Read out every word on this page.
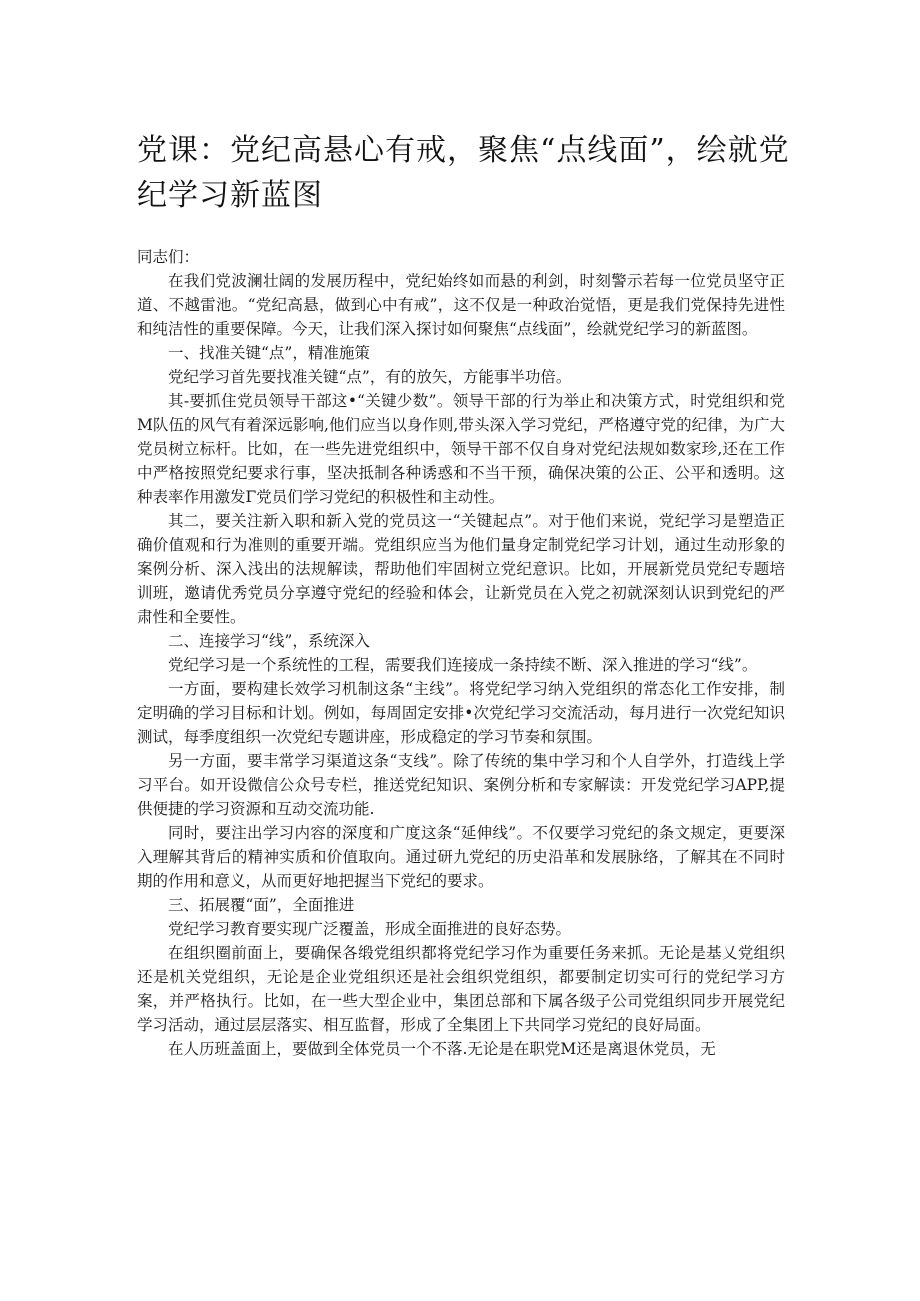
党课：党纪高悬心有戒，聚焦“点线面”，绘就党纪学习新蓝图

同志们：

在我们党波澜壮阔的发展历程中，党纪始终如而悬的利剑，时刻警示若每一位党员坚守正道、不越雷池。“党纪高悬，做到心中有戒”，这不仅是一种政治觉悟，更是我们党保持先进性和纯洁性的重要保障。今天，让我们深入探讨如何聚焦“点线面”，绘就党纪学习的新蓝图。

一、找准关键“点”，精准施策

党纪学习首先要找准关键“点”，有的放矢，方能事半功倍。

其-要抓住党员领导干部这•“关键少数”。领导干部的行为举止和决策方式，时党组织和党M队伍的风气有着深远影响,他们应当以身作则,带头深入学习党纪，严格遵守党的纪律，为广大党员树立标杆。比如，在一些先进党组织中，领导干部不仅自身对党纪法规如数家珍,还在工作中严格按照党纪要求行事，坚决抵制各种诱惑和不当干预，确保决策的公正、公平和透明。这种表率作用激发Γ党员们学习党纪的积极性和主动性。

其二，要关注新入职和新入党的党员这一“关键起点”。对于他们来说，党纪学习是塑造正确价值观和行为准则的重要开端。党组织应当为他们量身定制党纪学习计划，通过生动形象的案例分析、深入浅出的法规解读，帮助他们牢固树立党纪意识。比如，开展新党员党纪专题培训班，邀请优秀党员分享遵守党纪的经验和体会，让新党员在入党之初就深刻认识到党纪的严肃性和全要性。

二、连接学习“线”，系统深入

党纪学习是一个系统性的工程，需要我们连接成一条持续不断、深入推进的学习“线”。

一方面，要构建长效学习机制这条“主线”。将党纪学习纳入党组织的常态化工作安排，制定明确的学习目标和计划。例如，每周固定安排•次党纪学习交流活动，每月进行一次党纪知识测试，每季度组织一次党纪专题讲座，形成稳定的学习节奏和氛围。

另一方面，要丰常学习渠道这条“支线”。除了传统的集中学习和个人自学外，打造线上学习平台。如开设微信公众号专栏，推送党纪知识、案例分析和专家解读：开发党纪学习APP,提供便捷的学习资源和互动交流功能.

同时，要注出学习内容的深度和广度这条“延伸线”。不仅要学习党纪的条文规定，更要深入理解其背后的精神实质和价值取向。通过研九党纪的历史沿革和发展脉络，了解其在不同时期的作用和意义，从而更好地把握当下党纪的要求。

三、拓展覆“面”，全面推进

党纪学习教育要实现广泛覆盖，形成全面推进的良好态势。

在组织圈前面上，要确保各缎党组织都将党纪学习作为重要任务来抓。无论是基乂党组织还是机关党组织，无论是企业党组织还是社会组织党组织，都要制定切实可行的党纪学习方案，并严格执行。比如，在一些大型企业中，集团总部和下属各级子公司党组织同步开展党纪学习活动，通过层层落实、相互监督，形成了全集团上下共同学习党纪的良好局面。

在人历班盖面上，要做到全体党员一个不落.无论是在职党M还是离退休党员，无
